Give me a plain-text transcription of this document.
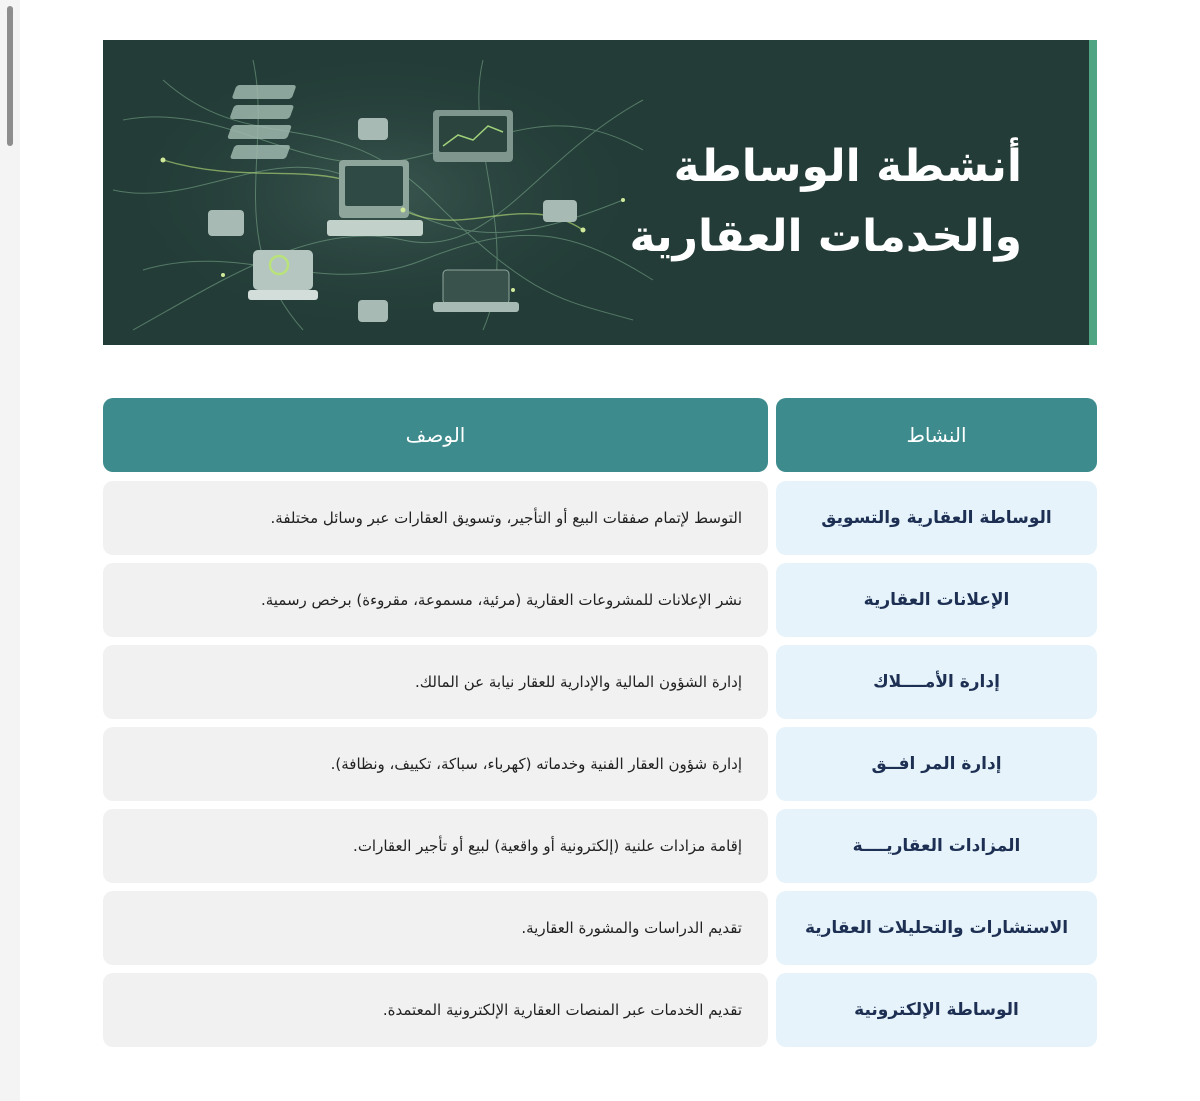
أنشطة الوساطة
والخدمات العقارية
النشاط
الوصف
الوساطة العقارية والتسويق
التوسط لإتمام صفقات البيع أو التأجير، وتسويق العقارات عبر وسائل مختلفة.
الإعلانات العقارية
نشر الإعلانات للمشروعات العقارية (مرئية، مسموعة، مقروءة) برخص رسمية.
إدارة الأمــــلاك
إدارة الشؤون المالية والإدارية للعقار نيابة عن المالك.
إدارة المر افــق
إدارة شؤون العقار الفنية وخدماته (كهرباء، سباكة، تكييف، ونظافة).
المزادات العقاريــــة
إقامة مزادات علنية (إلكترونية أو واقعية) لبيع أو تأجير العقارات.
الاستشارات والتحليلات العقارية
تقديم الدراسات والمشورة العقارية.
الوساطة الإلكترونية
تقديم الخدمات عبر المنصات العقارية الإلكترونية المعتمدة.
